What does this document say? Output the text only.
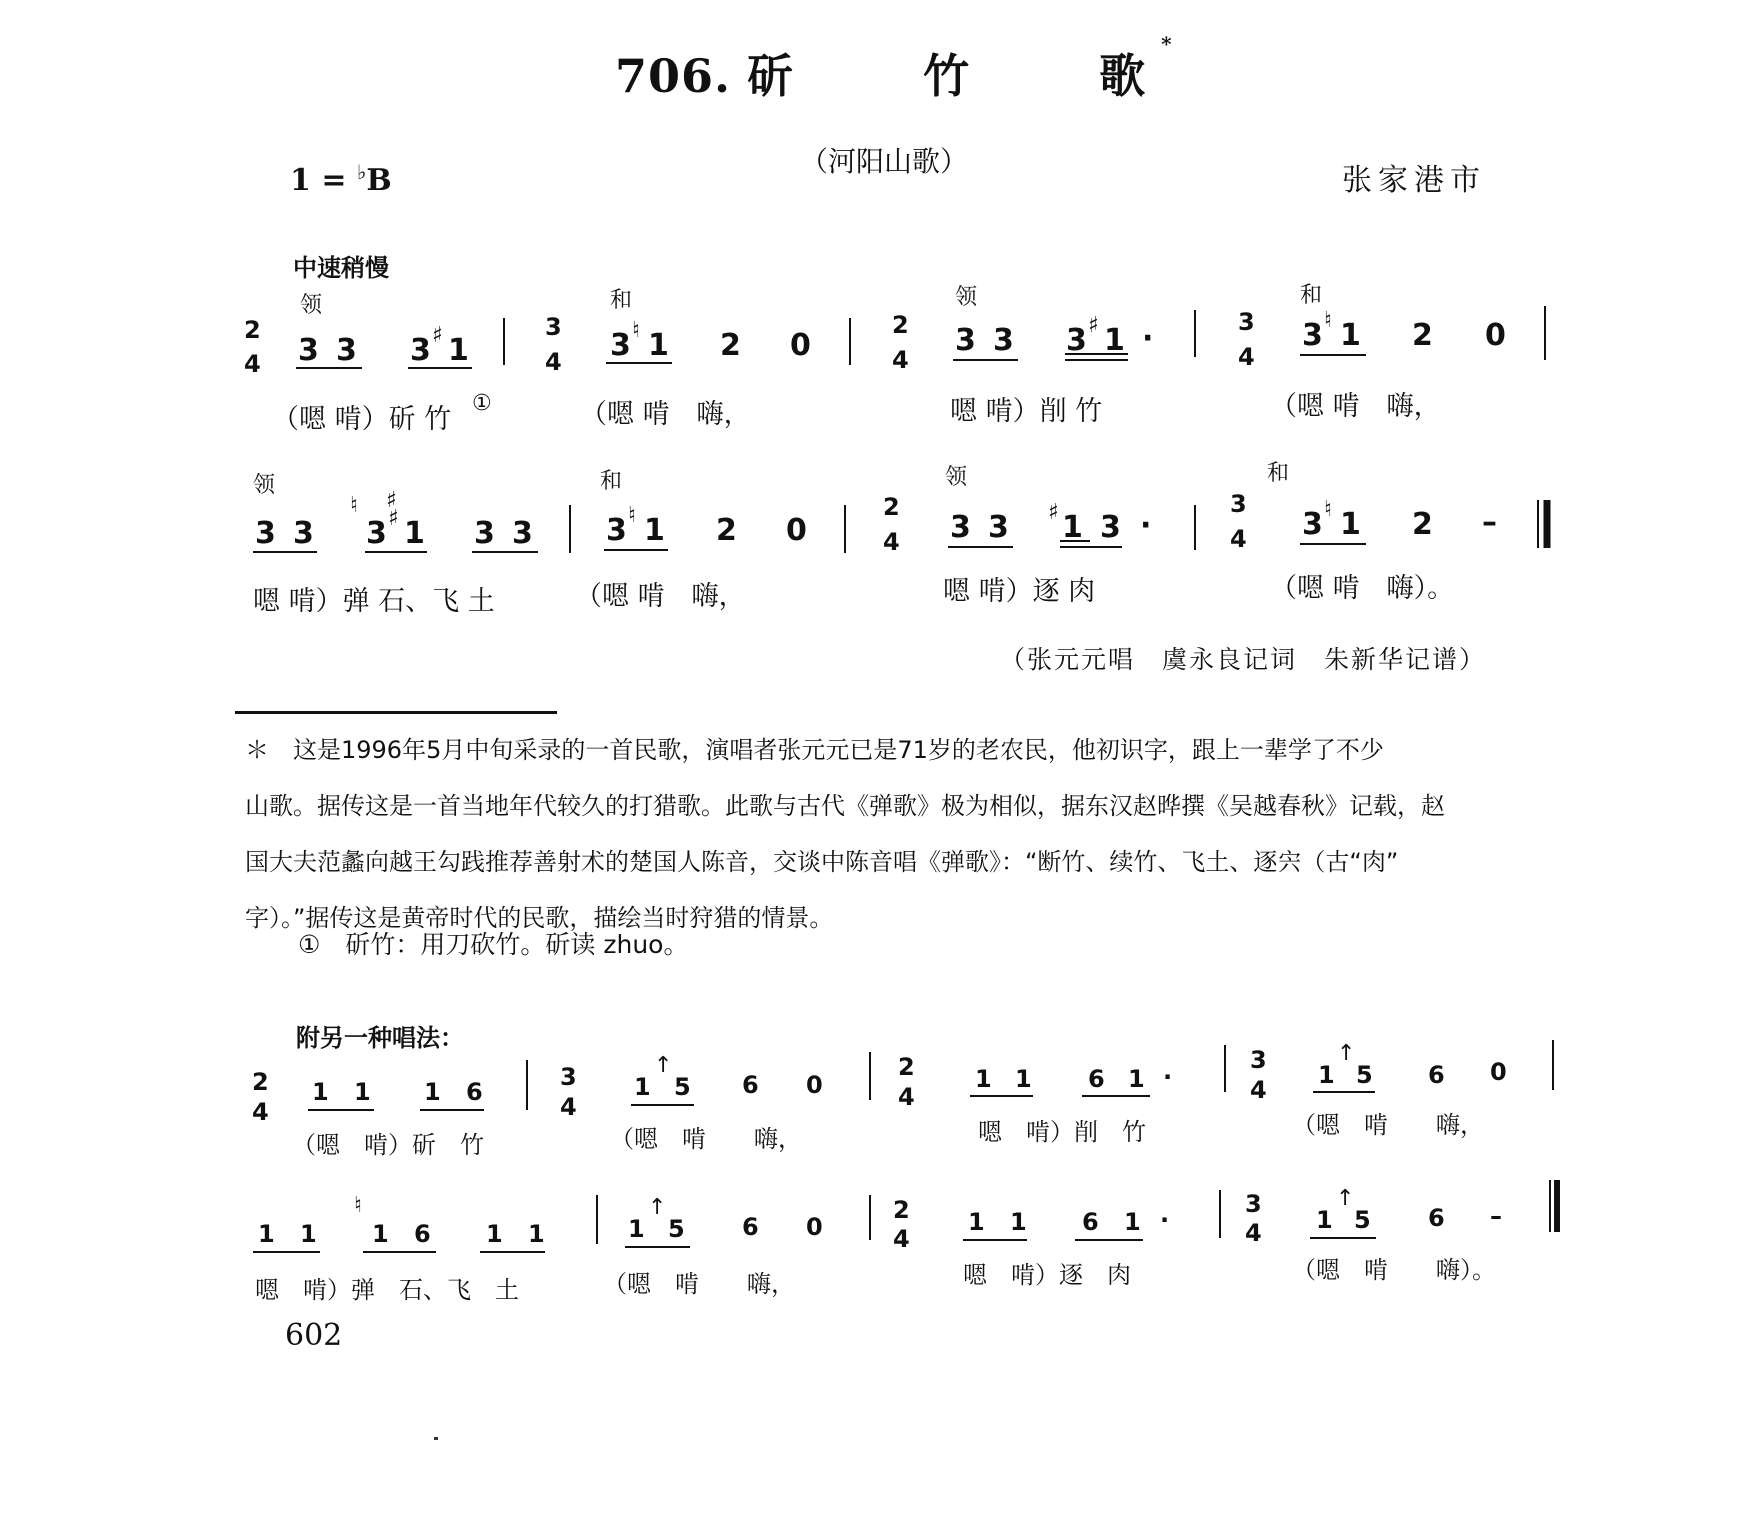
706. 斫	竹	歌 *
（河阳山歌）
张家港市
1 = ♭B
中速稍慢
领	和	领	和
2
4
3
4
2
4
3
4
3 3 3 ♯ 1	3 ♮ 1 2 0	3 3 3 ♯ 1 ·	3 ♮ 1 2 0
（嗯 啃）斫 竹
①	（嗯 啃　嗨，	嗯 啃）削 竹	（嗯 啃　嗨，
领	和	领	和
2
4
3
4
3 3
♮ ♯
3 ♯ 1 3 3 3 ♮ 1 2 0	3 3 ♯ 1 3 ·	3 ♮ 1 2 –
嗯 啃）弹 石、飞 土	（嗯 啃　嗨，	嗯 啃）逐 肉	（嗯 啃　嗨）。
2
4
3
4
2
4
3
4
1 1 1 6	1
↑
5 6 0	1 1 6 1 ·	1
↑
5 6 0
（嗯　啃）斫　竹	（嗯　啃　　嗨，	嗯　啃）削　竹	（嗯　啃　　嗨，
2
4
3
4
1 1
♮
1 6 1 1	1
↑
5 6 0	1 1 6 1 ·	1
↑
5 6 –
嗯　啃）弹　石、飞　土	（嗯　啃　　嗨，	嗯　啃）逐　肉	（嗯　啃　　嗨）。
（张元元唱　虞永良记词　朱新华记谱）
＊　这是1996年5月中旬采录的一首民歌，演唱者张元元已是71岁的老农民，他初识字，跟上一辈学了不少
山歌。据传这是一首当地年代较久的打猎歌。此歌与古代《弹歌》极为相似，据东汉赵晔撰《吴越春秋》记载，赵
国大夫范蠡向越王勾践推荐善射术的楚国人陈音，交谈中陈音唱《弹歌》：“断竹、续竹、飞土、逐宍（古“肉”
字）。”据传这是黄帝时代的民歌，描绘当时狩猎的情景。
①　斫竹：用刀砍竹。斫读 zhuo。
附另一种唱法：
602
